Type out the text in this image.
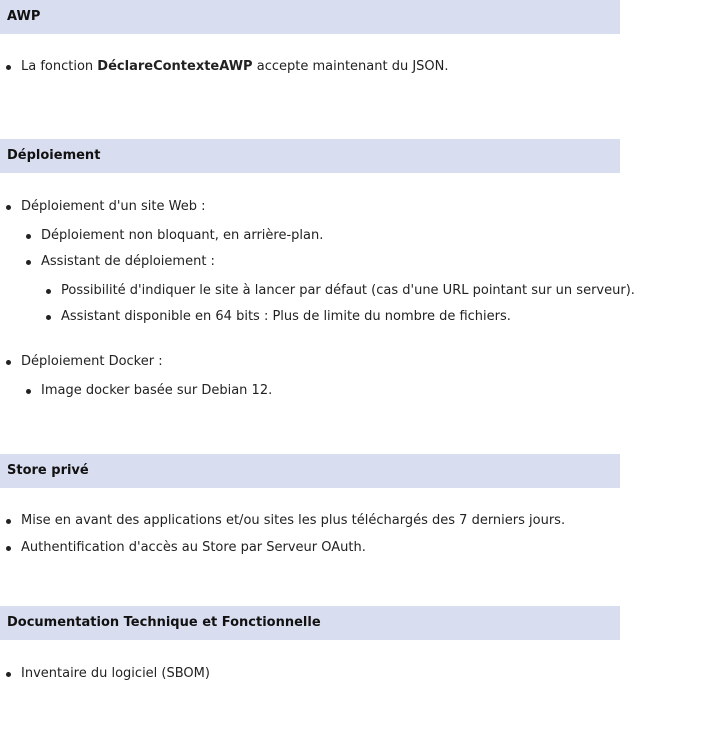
AWP
La fonction DéclareContexteAWP accepte maintenant du JSON.
Déploiement
Déploiement d'un site Web :
Déploiement non bloquant, en arrière-plan.
Assistant de déploiement :
Possibilité d'indiquer le site à lancer par défaut (cas d'une URL pointant sur un serveur).
Assistant disponible en 64 bits : Plus de limite du nombre de fichiers.
Déploiement Docker :
Image docker basée sur Debian 12.
Store privé
Mise en avant des applications et/ou sites les plus téléchargés des 7 derniers jours.
Authentification d'accès au Store par Serveur OAuth.
Documentation Technique et Fonctionnelle
Inventaire du logiciel (SBOM)
